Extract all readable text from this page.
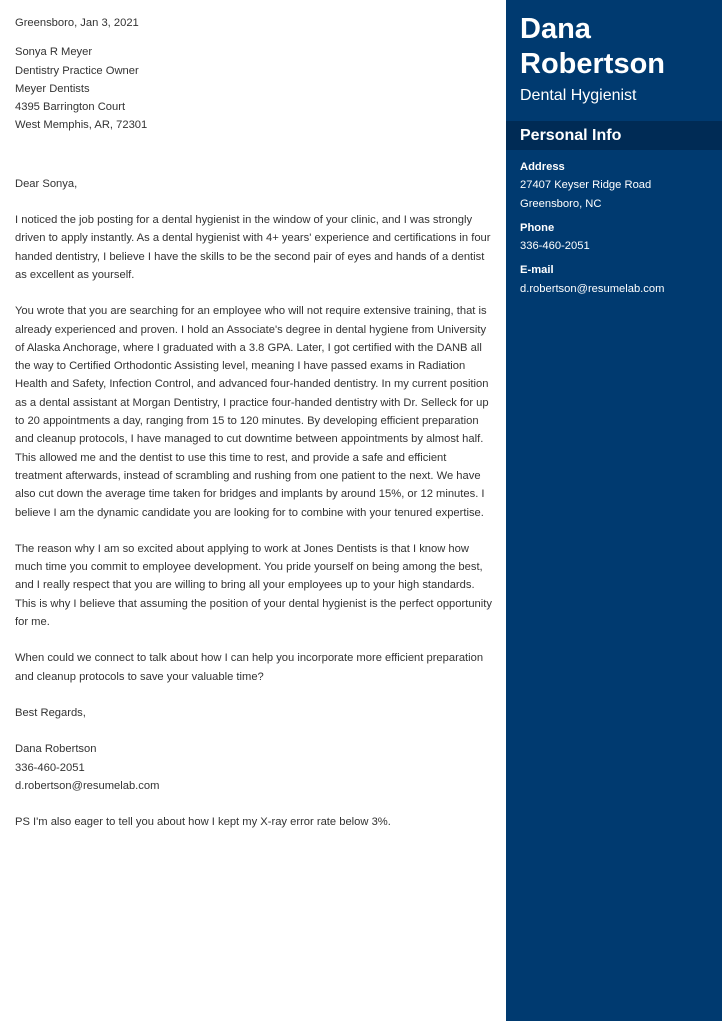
Greensboro, Jan 3, 2021

Sonya R Meyer

Dentistry Practice Owner

Meyer Dentists

4395 Barrington Court

West Memphis, AR, 72301

Dear Sonya,

I noticed the job posting for a dental hygienist in the window of your clinic, and I was strongly driven to apply instantly. As a dental hygienist with 4+ years' experience and certifications in four handed dentistry, I believe I have the skills to be the second pair of eyes and hands of a dentist as excellent as yourself.

You wrote that you are searching for an employee who will not require extensive training, that is already experienced and proven. I hold an Associate's degree in dental hygiene from University of Alaska Anchorage, where I graduated with a 3.8 GPA. Later, I got certified with the DANB all the way to Certified Orthodontic Assisting level, meaning I have passed exams in Radiation Health and Safety, Infection Control, and advanced four-handed dentistry. In my current position as a dental assistant at Morgan Dentistry, I practice four-handed dentistry with Dr. Selleck for up to 20 appointments a day, ranging from 15 to 120 minutes. By developing efficient preparation and cleanup protocols, I have managed to cut downtime between appointments by almost half. This allowed me and the dentist to use this time to rest, and provide a safe and efficient treatment afterwards, instead of scrambling and rushing from one patient to the next. We have also cut down the average time taken for bridges and implants by around 15%, or 12 minutes. I believe I am the dynamic candidate you are looking for to combine with your tenured expertise.

The reason why I am so excited about applying to work at Jones Dentists is that I know how much time you commit to employee development. You pride yourself on being among the best, and I really respect that you are willing to bring all your employees up to your high standards. This is why I believe that assuming the position of your dental hygienist is the perfect opportunity for me.

When could we connect to talk about how I can help you incorporate more efficient preparation and cleanup protocols to save your valuable time?

Best Regards,

Dana Robertson

336-460-2051

d.robertson@resumelab.com

PS I'm also eager to tell you about how I kept my X-ray error rate below 3%.

Dana
Robertson

Dental Hygienist

Personal Info
Address
27407 Keyser Ridge Road
Greensboro, NC
Phone
336-460-2051
E-mail
d.robertson@resumelab.com
